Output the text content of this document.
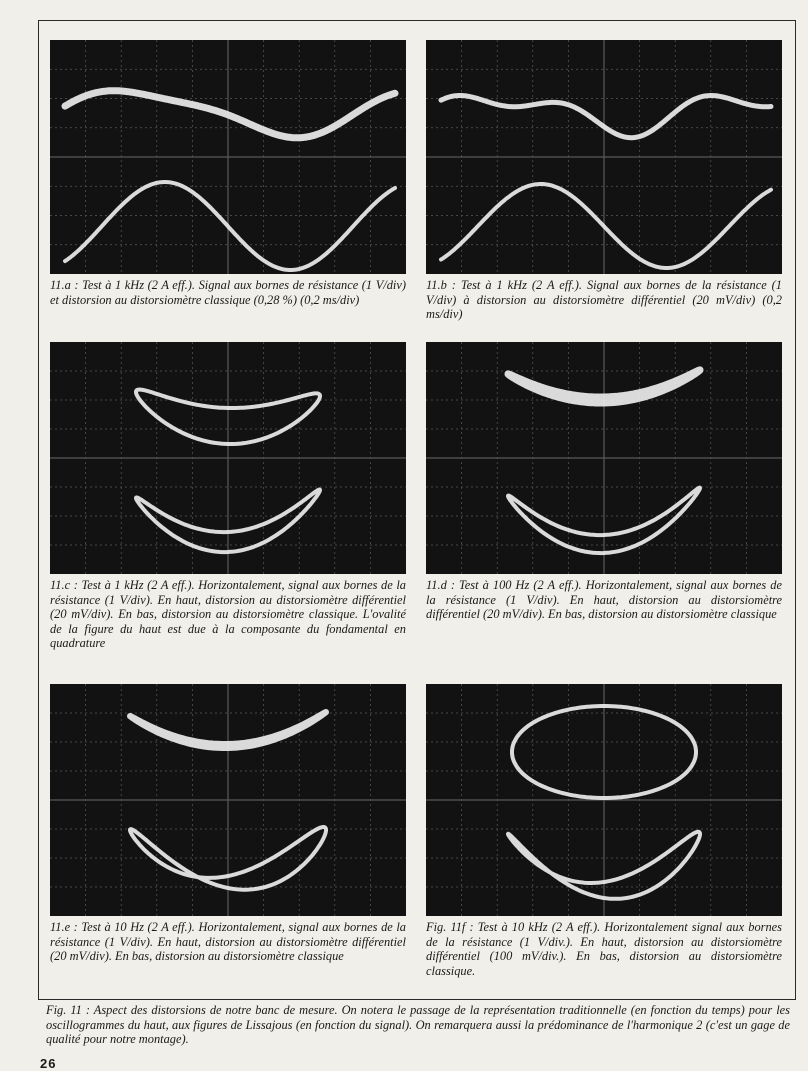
11.a : Test à 1 kHz (2 A eff.). Signal aux bornes de résistance (1 V/div) et distorsion au distorsiomètre classique (0,28 %) (0,2 ms/div)

11.b : Test à 1 kHz (2 A eff.). Signal aux bornes de la résistance (1 V/div) à distorsion au distorsiomètre différentiel (20 mV/div) (0,2 ms/div)

11.c : Test à 1 kHz (2 A eff.). Horizontalement, signal aux bornes de la résistance (1 V/div). En haut, distorsion au distorsiomètre différentiel (20 mV/div). En bas, distorsion au distorsiomètre classique. L'ovalité de la figure du haut est due à la composante du fondamental en quadrature

11.d : Test à 100 Hz (2 A eff.). Horizontalement, signal aux bornes de la résistance (1 V/div). En haut, distorsion au distorsiomètre différentiel (20 mV/div). En bas, distorsion au distorsiomètre classique

11.e : Test à 10 Hz (2 A eff.). Horizontalement, signal aux bornes de la résistance (1 V/div). En haut, distorsion au distorsiomètre différentiel (20 mV/div). En bas, distorsion au distorsiomètre classique

Fig. 11f : Test à 10 kHz (2 A eff.). Horizontalement signal aux bornes de la résistance (1 V/div.). En haut, distorsion au distorsiomètre différentiel (100 mV/div.). En bas, distorsion au distorsiomètre classique.

Fig. 11 : Aspect des distorsions de notre banc de mesure. On notera le passage de la représentation traditionnelle (en fonction du temps) pour les oscillogrammes du haut, aux figures de Lissajous (en fonction du signal). On remarquera aussi la prédominance de l'harmonique 2 (c'est un gage de qualité pour notre montage).

26
